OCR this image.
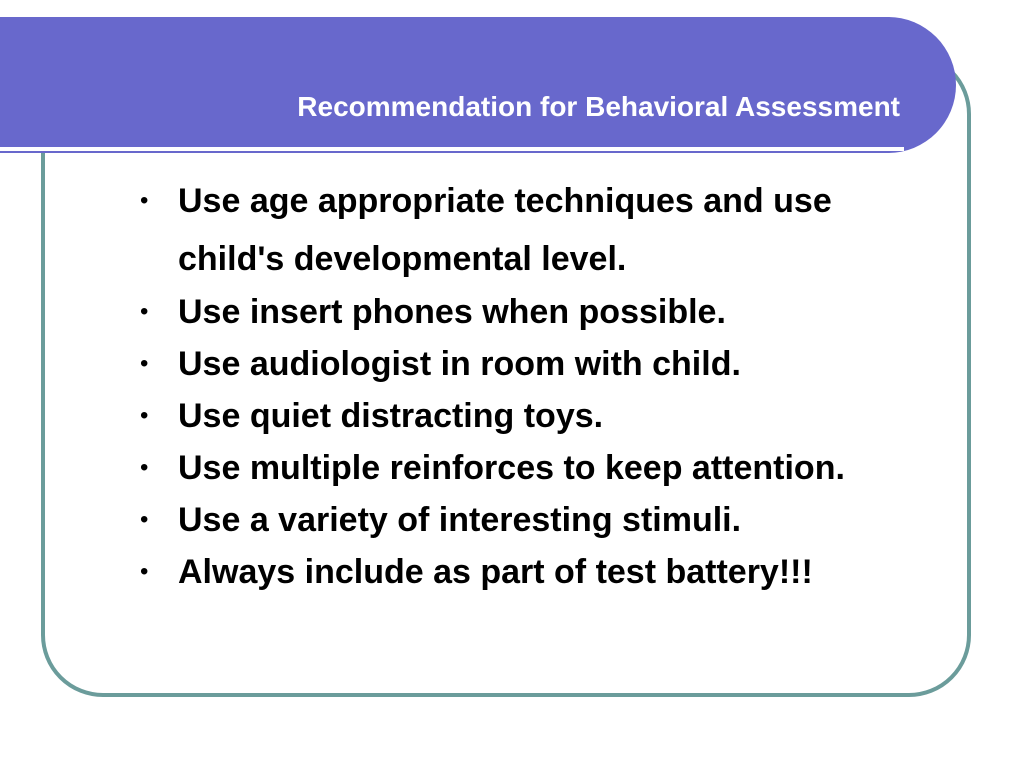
Recommendation for Behavioral Assessment
• Use age appropriate techniques and use  child's developmental level.
• Use insert phones when possible.
• Use audiologist in room with child.
• Use quiet distracting toys.
• Use multiple reinforces to keep attention.
• Use a variety of interesting stimuli.
• Always include as part of test battery!!!
